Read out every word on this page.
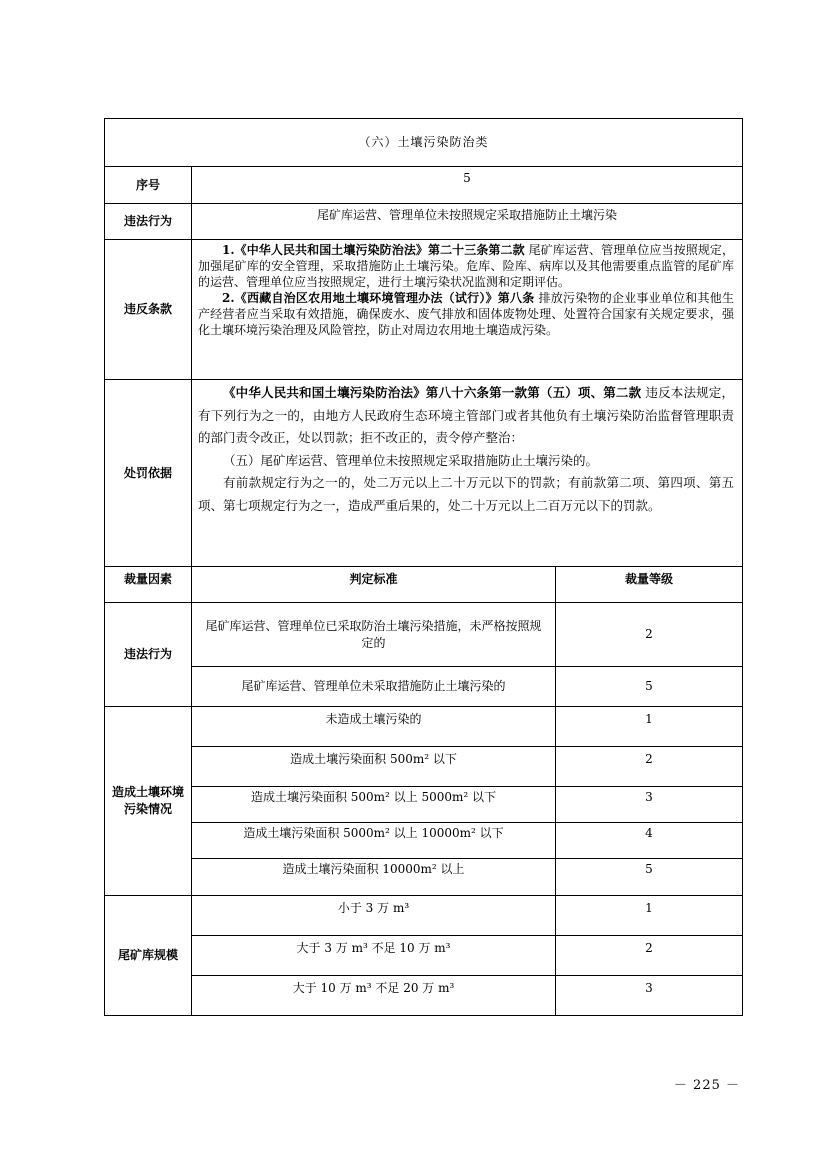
（六）土壤污染防治类		
序号	5	
违法行为	尾矿库运营、管理单位未按照规定采取措施防止土壤污染	
违反条款	1.《中华人民共和国土壤污染防治法》第二十三条第二款 尾矿库运营、管理单位应当按照规定，加强尾矿库的安全管理，采取措施防止土壤污染。危库、险库、病库以及其他需要重点监管的尾矿库的运营、管理单位应当按照规定，进行土壤污染状况监测和定期评估。

2.《西藏自治区农用地土壤环境管理办法（试行）》第八条 排放污染物的企业事业单位和其他生产经营者应当采取有效措施，确保废水、废气排放和固体废物处理、处置符合国家有关规定要求，强化土壤环境污染治理及风险管控，防止对周边农用地土壤造成污染。	

处罚依据	《中华人民共和国土壤污染防治法》第八十六条第一款第（五）项、第二款 违反本法规定，有下列行为之一的，由地方人民政府生态环境主管部门或者其他负有土壤污染防治监督管理职责的部门责令改正，处以罚款；拒不改正的，责令停产整治：

（五）尾矿库运营、管理单位未按照规定采取措施防止土壤污染的。

有前款规定行为之一的，处二万元以上二十万元以下的罚款；有前款第二项、第四项、第五项、第七项规定行为之一，造成严重后果的，处二十万元以上二百万元以下的罚款。	

裁量因素	判定标准	裁量等级
违法行为	尾矿库运营、管理单位已采取防治土壤污染措施，未严格按照规定的	2
	尾矿库运营、管理单位未采取措施防止土壤污染的	5
造成土壤环境污染情况	未造成土壤污染的	1
	造成土壤污染面积 500m² 以下	2
	造成土壤污染面积 500m² 以上 5000m² 以下	3
	造成土壤污染面积 5000m² 以上 10000m² 以下	4
	造成土壤污染面积 10000m² 以上	5
尾矿库规模	小于 3 万 m³	1
	大于 3 万 m³ 不足 10 万 m³	2
	大于 10 万 m³ 不足 20 万 m³	3
－ 225 －
